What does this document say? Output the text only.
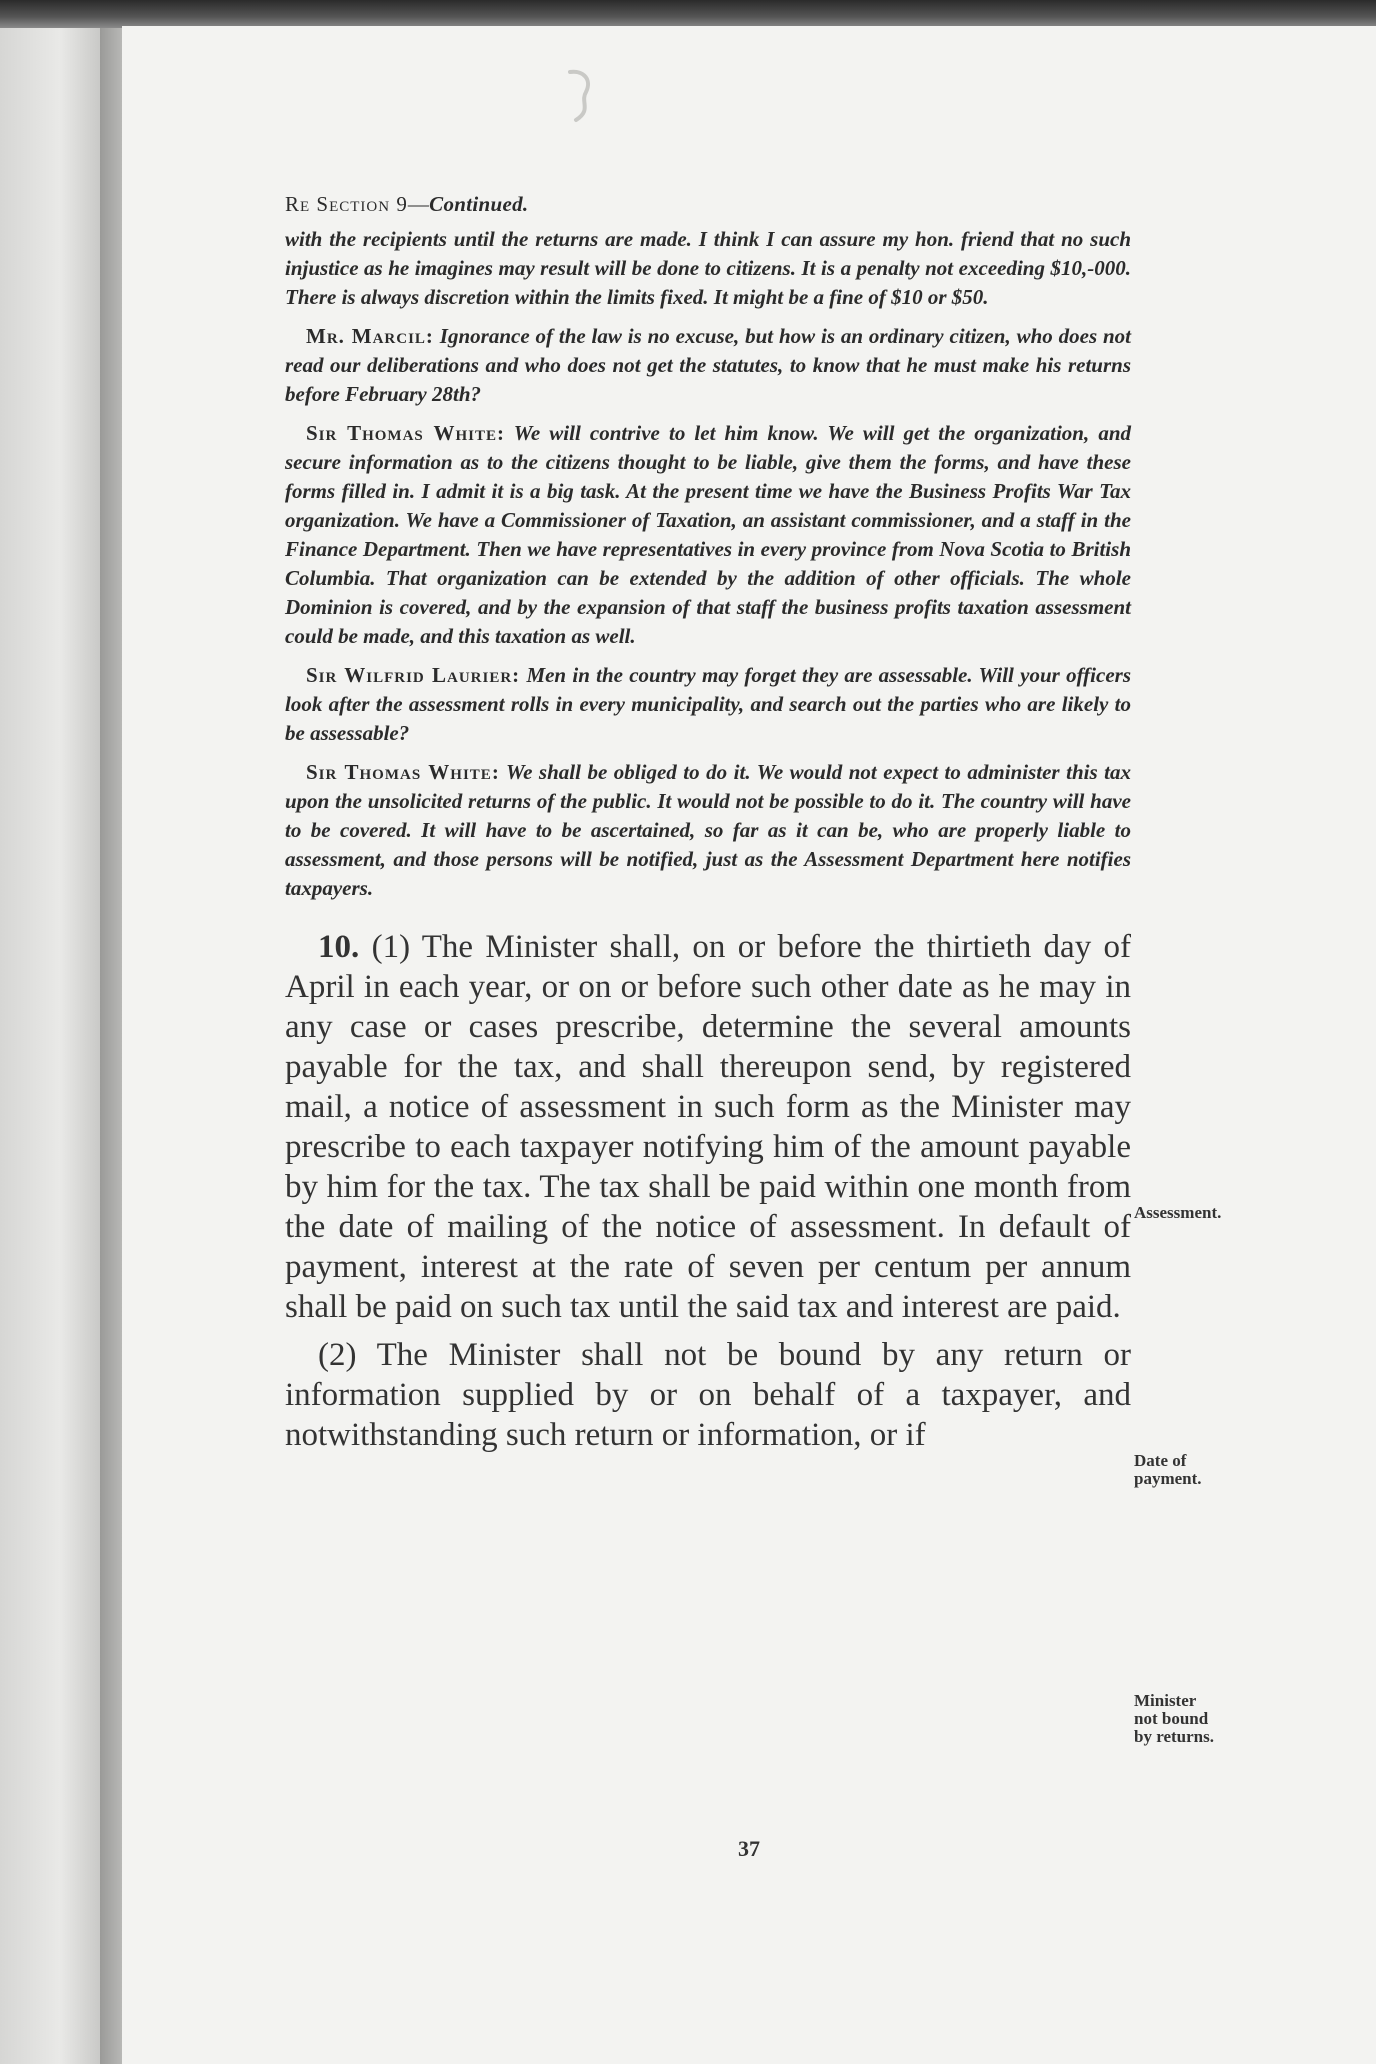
Re Section 9—Continued.

with the recipients until the returns are made. I think I can assure my hon. friend that no such injustice as he imagines may result will be done to citizens. It is a penalty not exceeding $10,-000. There is always discretion within the limits fixed. It might be a fine of $10 or $50.

 Mr. Marcil: Ignorance of the law is no excuse, but how is an ordinary citizen, who does not read our deliberations and who does not get the statutes, to know that he must make his returns before February 28th?

 Sir Thomas White: We will contrive to let him know. We will get the organization, and secure information as to the citizens thought to be liable, give them the forms, and have these forms filled in. I admit it is a big task. At the present time we have the Business Profits War Tax organization. We have a Commissioner of Taxation, an assistant commissioner, and a staff in the Finance Department. Then we have representatives in every province from Nova Scotia to British Columbia. That organization can be extended by the addition of other officials. The whole Dominion is covered, and by the expansion of that staff the business profits taxation assessment could be made, and this taxation as well.

 Sir Wilfrid Laurier: Men in the country may forget they are assessable. Will your officers look after the assessment rolls in every municipality, and search out the parties who are likely to be assessable?

 Sir Thomas White: We shall be obliged to do it. We would not expect to administer this tax upon the unsolicited returns of the public. It would not be possible to do it. The country will have to be covered. It will have to be ascertained, so far as it can be, who are properly liable to assessment, and those persons will be notified, just as the Assessment Department here notifies taxpayers.

 10. (1) The Minister shall, on or before the thirtieth day of April in each year, or on or before such other date as he may in any case or cases prescribe, determine the several amounts payable for the tax, and shall thereupon send, by registered mail, a notice of assessment in such form as the Minister may prescribe to each taxpayer notifying him of the amount payable by him for the tax. The tax shall be paid within one month from the date of mailing of the notice of assessment. In default of payment, interest at the rate of seven per centum per annum shall be paid on such tax until the said tax and interest are paid.

 (2) The Minister shall not be bound by any return or information supplied by or on behalf of a taxpayer, and notwithstanding such return or information, or if

Assessment.
Date of
payment.
Minister
not bound
by returns.
37
